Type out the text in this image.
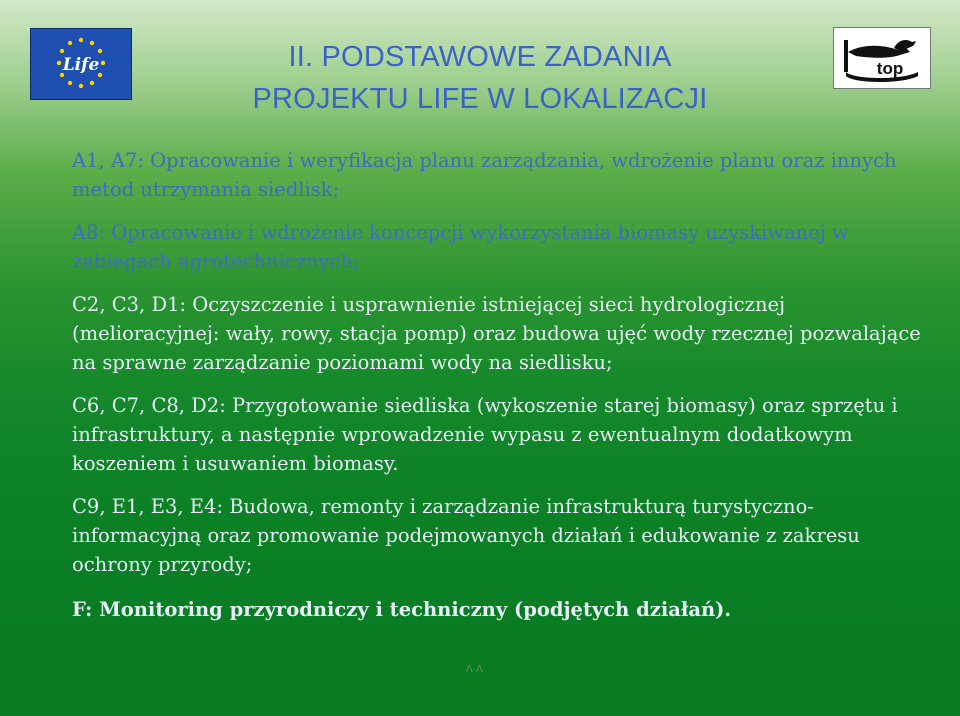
Life	II. PODSTAWOWE ZADANIA
PROJEKTU LIFE W LOKALIZACJI
top

A1, A7: Opracowanie i weryfikacja planu zarządzania, wdrożenie planu oraz innych metod utrzymania siedlisk;

A8: Opracowanie i wdrożenie koncepcji wykorzystania biomasy uzyskiwanej w zabiegach agrotechnicznych;

C2, C3, D1: Oczyszczenie i usprawnienie istniejącej sieci hydrologicznej (melioracyjnej: wały, rowy, stacja pomp) oraz budowa ujęć wody rzecznej pozwalające na sprawne zarządzanie poziomami wody na siedlisku;

C6, C7, C8, D2: Przygotowanie siedliska (wykoszenie starej biomasy) oraz sprzętu i infrastruktury, a następnie wprowadzenie wypasu z ewentualnym dodatkowym koszeniem i usuwaniem biomasy.

C9, E1, E3, E4: Budowa, remonty i zarządzanie infrastrukturą turystyczno-informacyjną oraz promowanie podejmowanych działań i edukowanie z zakresu ochrony przyrody;

F: Monitoring przyrodniczy i techniczny (podjętych działań).

Λ·Λ
